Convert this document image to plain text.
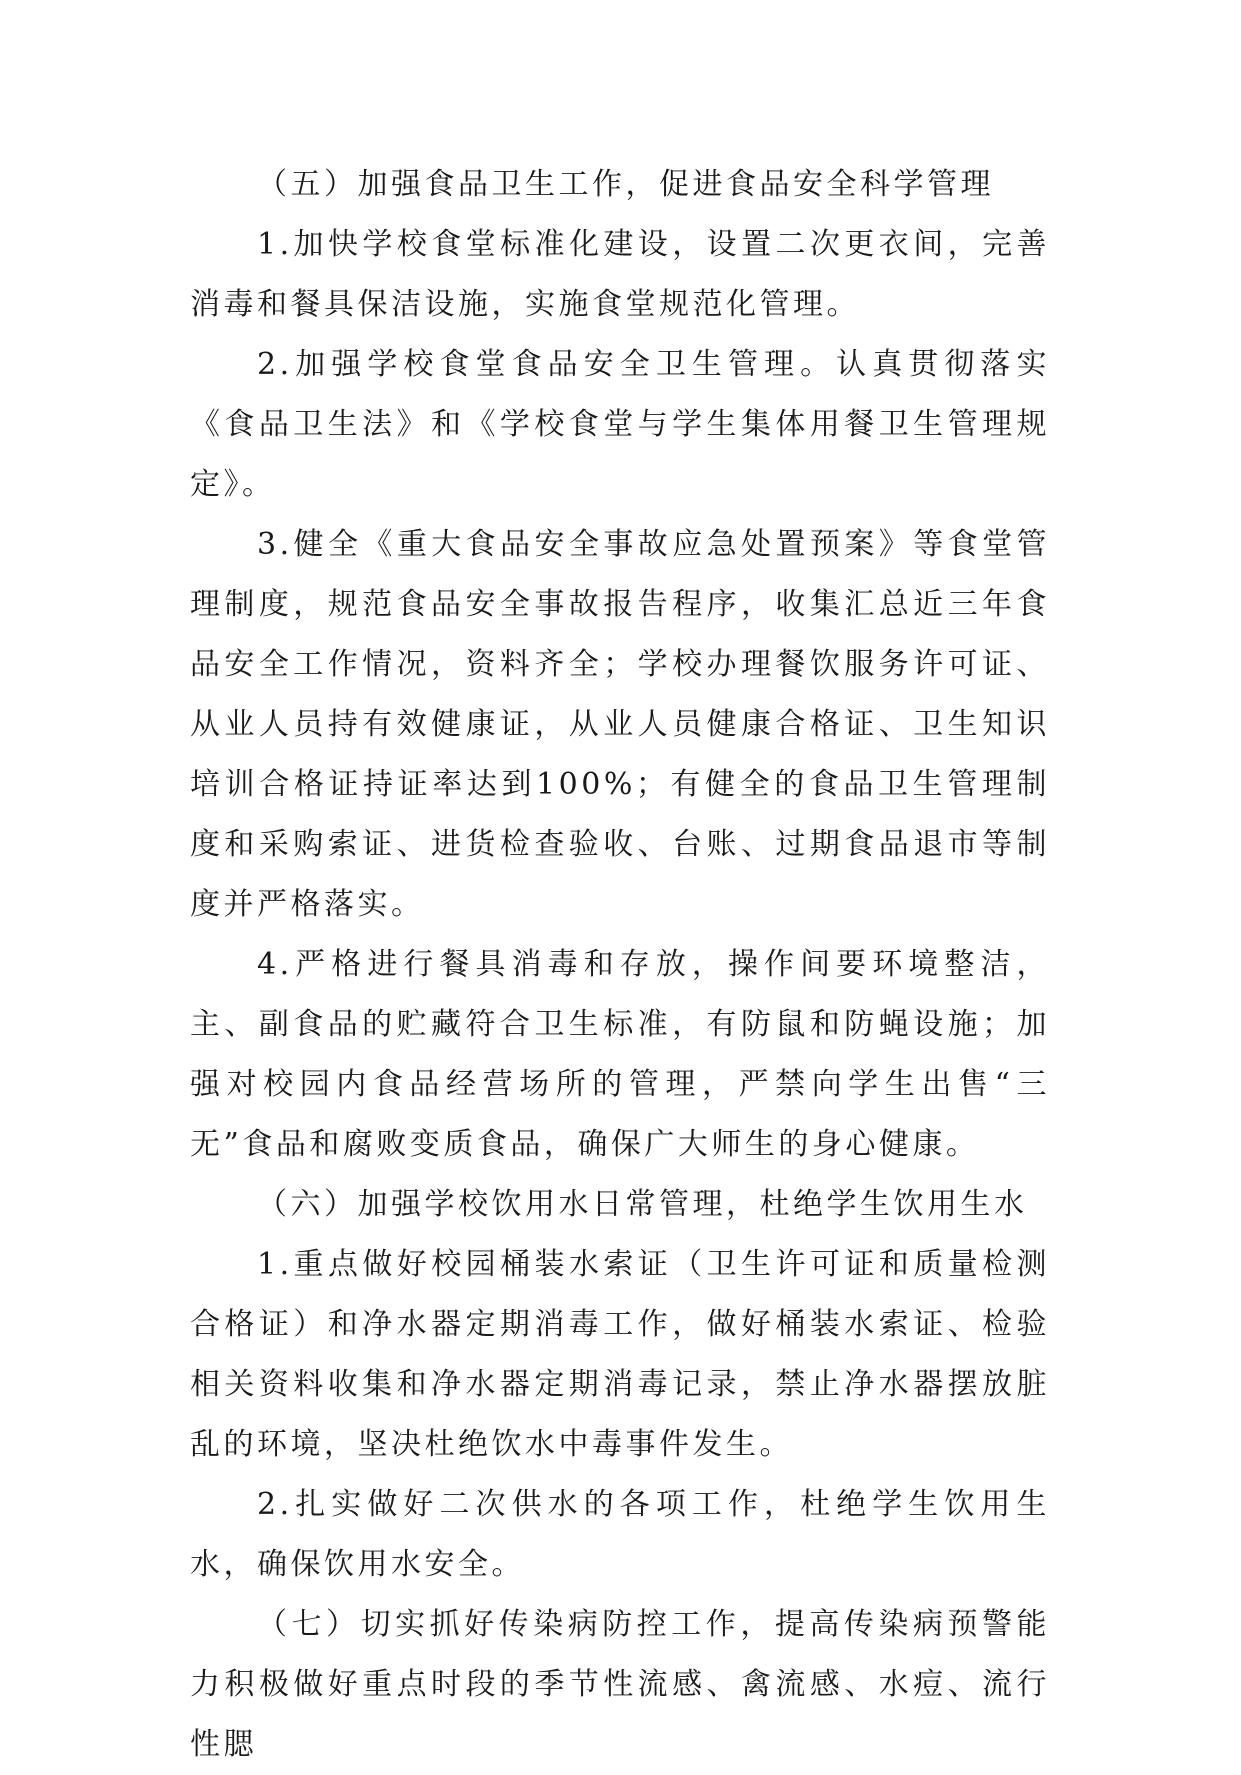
（五）加强食品卫生工作，促进食品安全科学管理

1.加快学校食堂标准化建设，设置二次更衣间，完善消毒和餐具保洁设施，实施食堂规范化管理。

2.加强学校食堂食品安全卫生管理。认真贯彻落实《食品卫生法》和《学校食堂与学生集体用餐卫生管理规定》。

3.健全《重大食品安全事故应急处置预案》等食堂管理制度，规范食品安全事故报告程序，收集汇总近三年食品安全工作情况，资料齐全；学校办理餐饮服务许可证、从业人员持有效健康证，从业人员健康合格证、卫生知识培训合格证持证率达到100%；有健全的食品卫生管理制度和采购索证、进货检查验收、台账、过期食品退市等制度并严格落实。

4.严格进行餐具消毒和存放，操作间要环境整洁，主、副食品的贮藏符合卫生标准，有防鼠和防蝇设施；加强对校园内食品经营场所的管理，严禁向学生出售“三无”食品和腐败变质食品，确保广大师生的身心健康。

（六）加强学校饮用水日常管理，杜绝学生饮用生水

1.重点做好校园桶装水索证（卫生许可证和质量检测合格证）和净水器定期消毒工作，做好桶装水索证、检验相关资料收集和净水器定期消毒记录，禁止净水器摆放脏乱的环境，坚决杜绝饮水中毒事件发生。

2.扎实做好二次供水的各项工作，杜绝学生饮用生水，确保饮用水安全。

（七）切实抓好传染病防控工作，提高传染病预警能力积极做好重点时段的季节性流感、禽流感、水痘、流行性腮
